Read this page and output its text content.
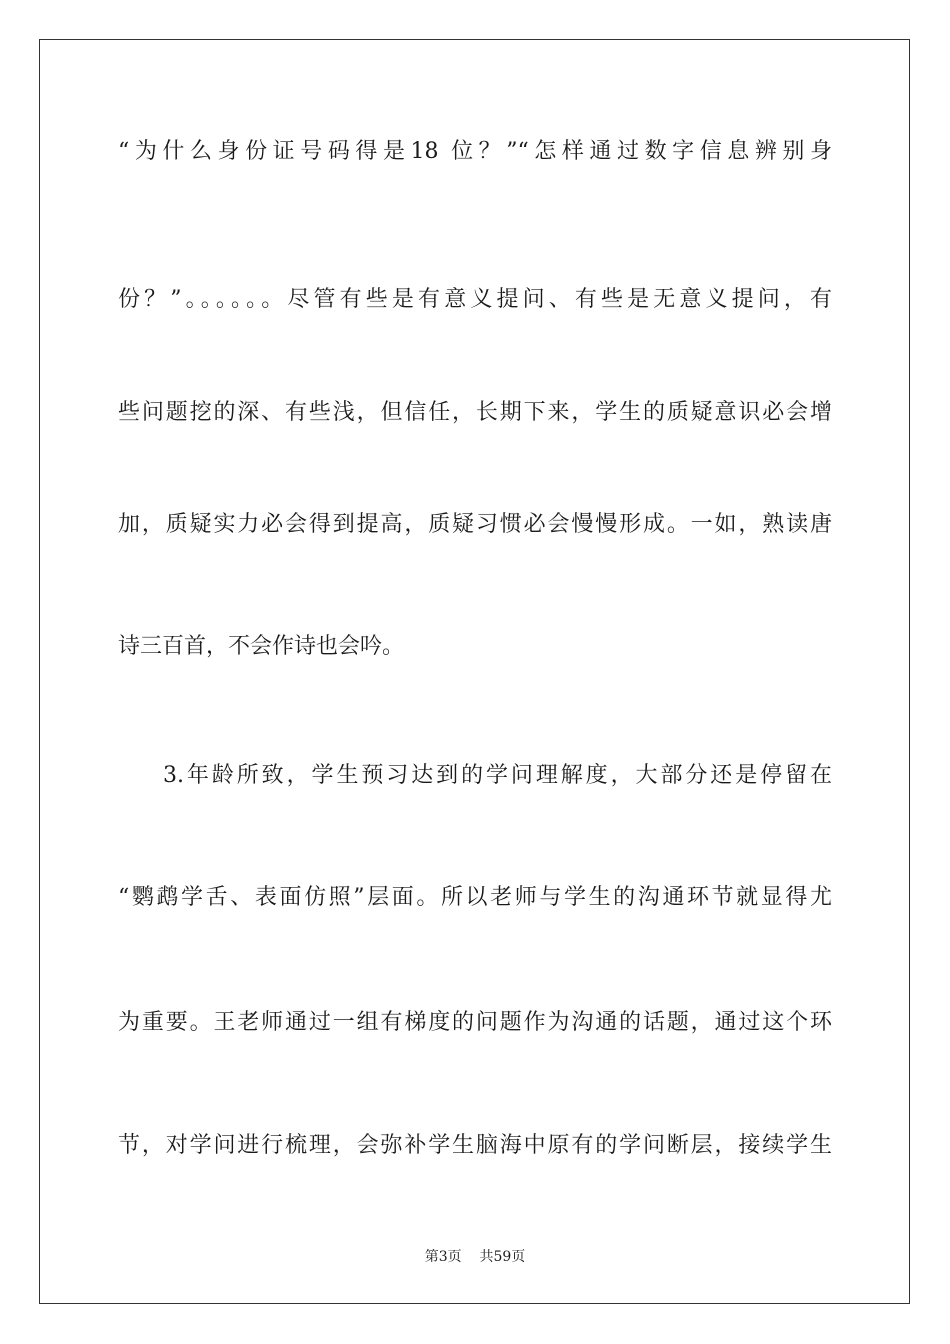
“为什么身份证号码得是18 位？”“怎样通过数字信息辨别身
份？”。。。。。。尽管有些是有意义提问、有些是无意义提问，有
些问题挖的深、有些浅，但信任，长期下来，学生的质疑意识必会增
加，质疑实力必会得到提高，质疑习惯必会慢慢形成。一如，熟读唐
诗三百首，不会作诗也会吟。
3.年龄所致，学生预习达到的学问理解度，大部分还是停留在
“鹦鹉学舌、表面仿照”层面。所以老师与学生的沟通环节就显得尤
为重要。王老师通过一组有梯度的问题作为沟通的话题，通过这个环
节，对学问进行梳理，会弥补学生脑海中原有的学问断层，接续学生
第3页    共59页
